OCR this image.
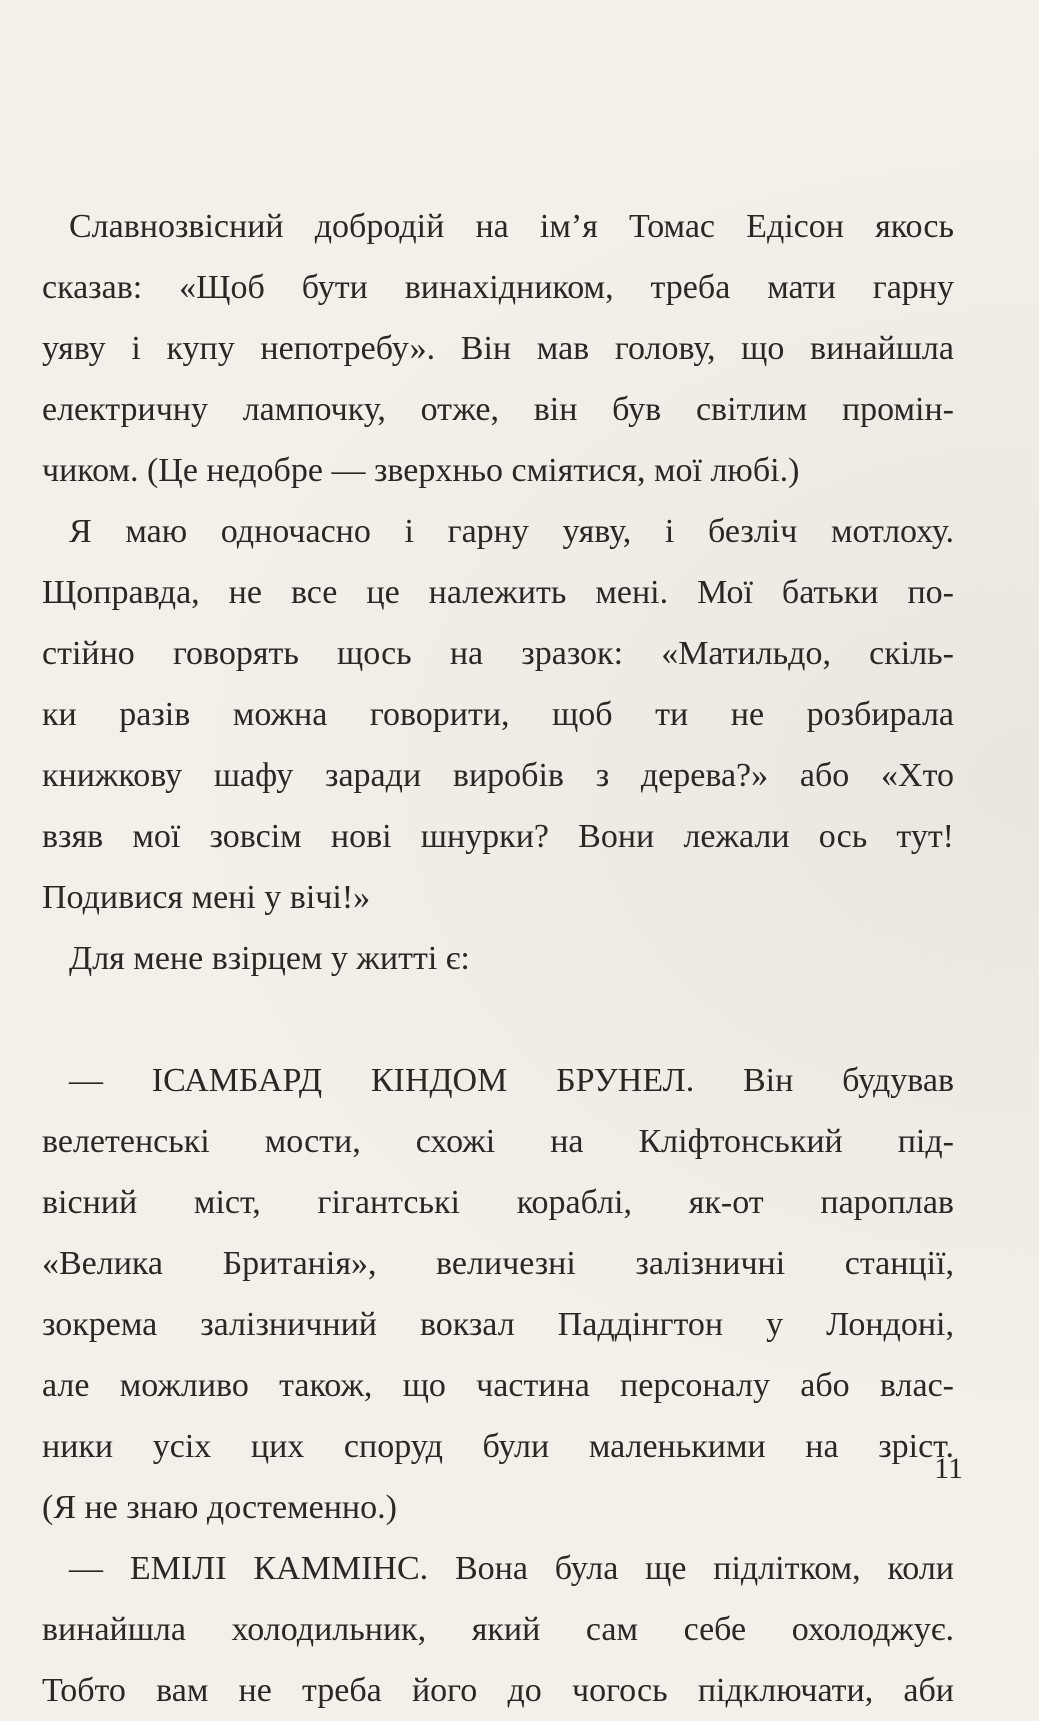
Славнозвісний добродій на ім’я Томас Едісон якось
сказав: «Щоб бути винахідником, треба мати гарну
уяву і купу непотребу». Він мав голову, що винайшла
електричну лампочку, отже, він був світлим промін-
чиком. (Це недобре — зверхньо сміятися, мої любі.)
Я маю одночасно і гарну уяву, і безліч мотлоху.
Щоправда, не все це належить мені. Мої батьки по-
стійно говорять щось на зразок: «Матильдо, скіль-
ки разів можна говорити, щоб ти не розбирала
книжкову шафу заради виробів з дерева?» або «Хто
взяв мої зовсім нові шнурки? Вони лежали ось тут!
Подивися мені у вічі!»
Для мене взірцем у житті є:
— ІСАМБАРД КІНДОМ БРУНЕЛ. Він будував
велетенські мости, схожі на Кліфтонський під-
вісний міст, гігантські кораблі, як-от пароплав
«Велика Британія», величезні залізничні станції,
зокрема залізничний вокзал Паддінгтон у Лондоні,
але можливо також, що частина персоналу або влас-
ники усіх цих споруд були маленькими на зріст.
(Я не знаю достеменно.)
— ЕМІЛІ КАММІНС. Вона була ще підлітком, коли
винайшла холодильник, який сам себе охолоджує.
Тобто вам не треба його до чогось підключати, аби
11
